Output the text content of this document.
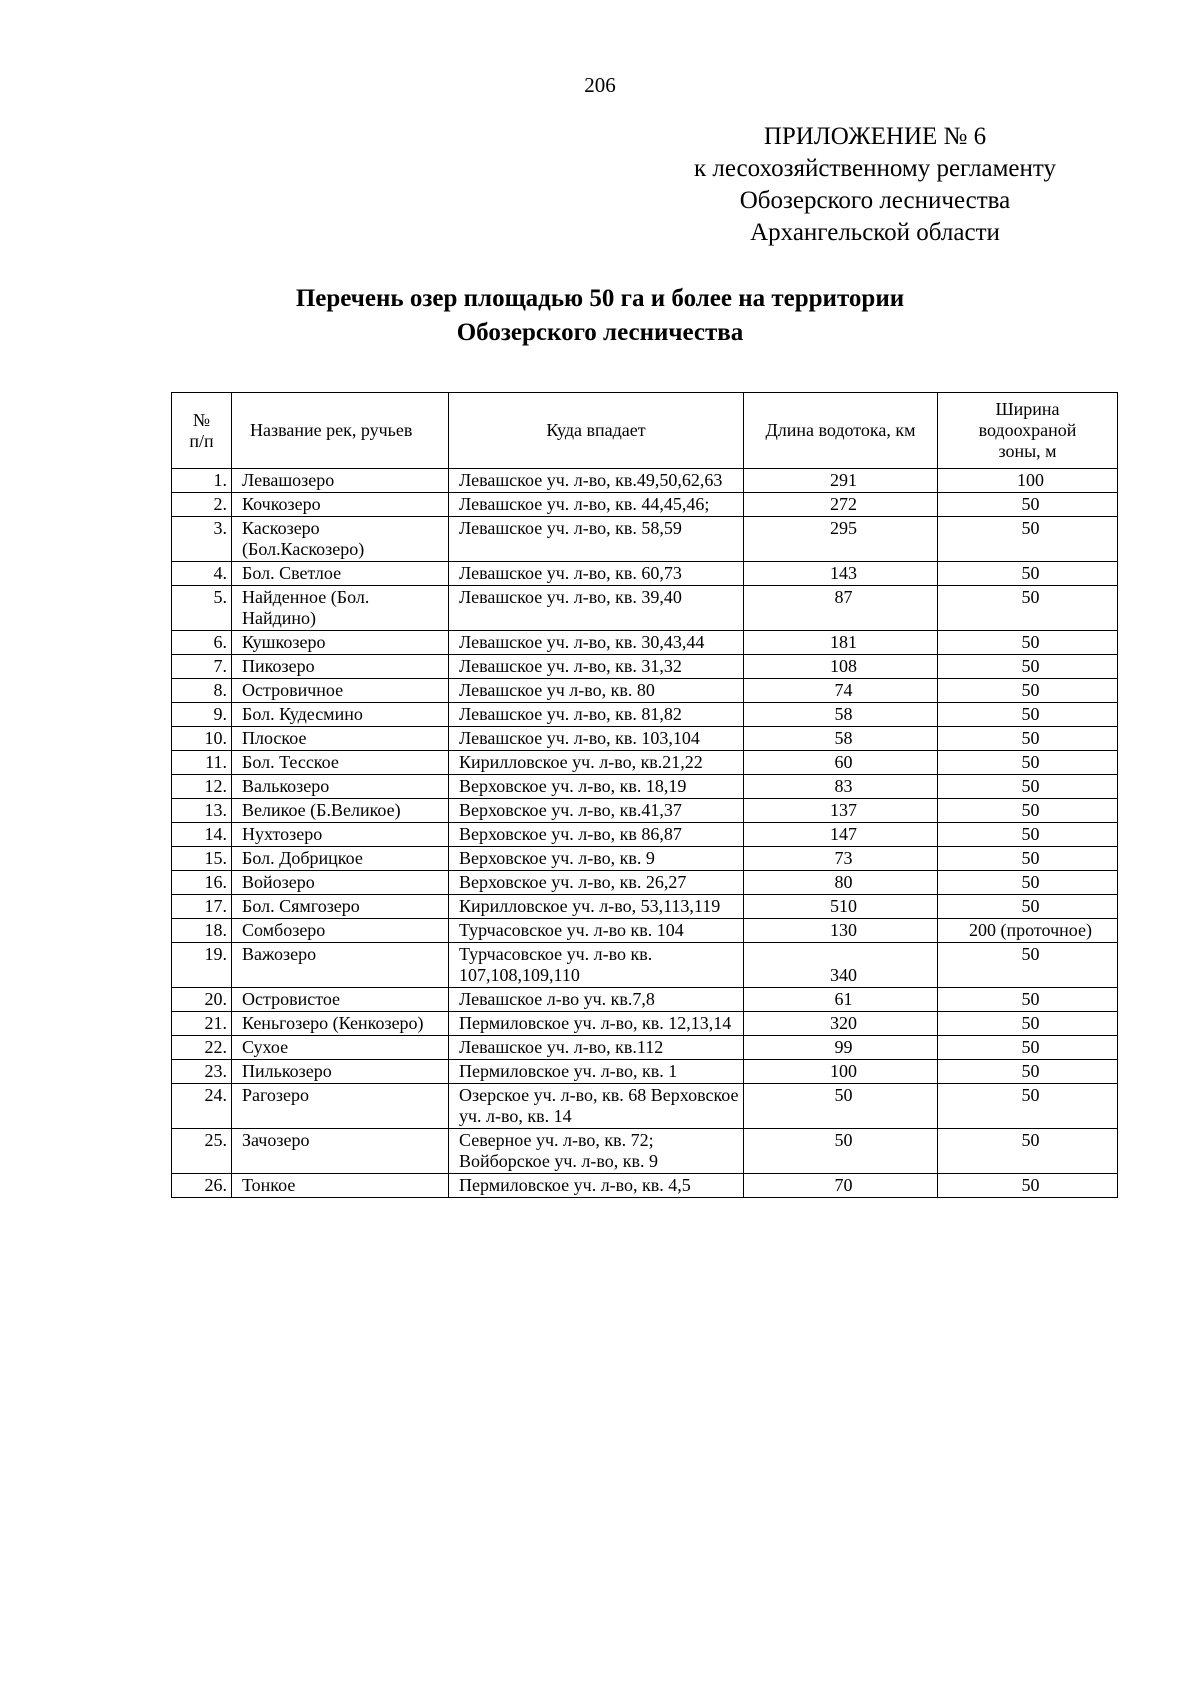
206
ПРИЛОЖЕНИЕ № 6
к лесохозяйственному регламенту
Обозерского лесничества
Архангельской области
Перечень озер площадью 50 га и более на территории
Обозерского лесничества
№
п/п	Название рек, ручьев	Куда впадает	Длина водотока, км	Ширина
водоохраной
зоны, м

1.	Левашозеро	Левашское уч. л-во, кв.49,50,62,63	291	100
2.	Кочкозеро	Левашское уч. л-во, кв. 44,45,46;	272	50
3.	Каскозеро (Бол.Каскозеро)	Левашское уч. л-во, кв. 58,59	295	50
4.	Бол. Светлое	Левашское уч. л-во, кв. 60,73	143	50
5.	Найденное (Бол. Найдино)	Левашское уч. л-во, кв. 39,40	87	50
6.	Кушкозеро	Левашское уч. л-во, кв. 30,43,44	181	50
7.	Пикозеро	Левашское уч. л-во, кв. 31,32	108	50
8.	Островичное	Левашское уч л-во, кв. 80	74	50
9.	Бол. Кудесмино	Левашское уч. л-во, кв. 81,82	58	50
10.	Плоское	Левашское уч. л-во, кв. 103,104	58	50
11.	Бол. Тесское	Кирилловское уч. л-во, кв.21,22	60	50
12.	Валькозеро	Верховское уч. л-во, кв. 18,19	83	50
13.	Великое (Б.Великое)	Верховское уч. л-во, кв.41,37	137	50
14.	Нухтозеро	Верховское уч. л-во, кв 86,87	147	50
15.	Бол. Добрицкое	Верховское уч. л-во, кв. 9	73	50
16.	Войозеро	Верховское уч. л-во, кв. 26,27	80	50
17.	Бол. Сямгозеро	Кирилловское уч. л-во, 53,113,119	510	50
18.	Сомбозеро	Турчасовское уч. л-во кв. 104	130	200 (проточное)
19.	Важозеро	Турчасовское уч. л-во кв. 107,108,109,110	340	50
20.	Островистое	Левашское л-во уч. кв.7,8	61	50
21.	Кеньгозеро (Кенкозеро)	Пермиловское уч. л-во, кв. 12,13,14	320	50
22.	Сухое	Левашское уч. л-во, кв.112	99	50
23.	Пилькозеро	Пермиловское уч. л-во, кв. 1	100	50
24.	Рагозеро	Озерское уч. л-во, кв. 68 Верховское уч. л-во, кв. 14	50	50
25.	Зачозеро	Северное уч. л-во, кв. 72; Войборское уч. л-во, кв. 9	50	50
26.	Тонкое	Пермиловское уч. л-во, кв. 4,5	70	50
